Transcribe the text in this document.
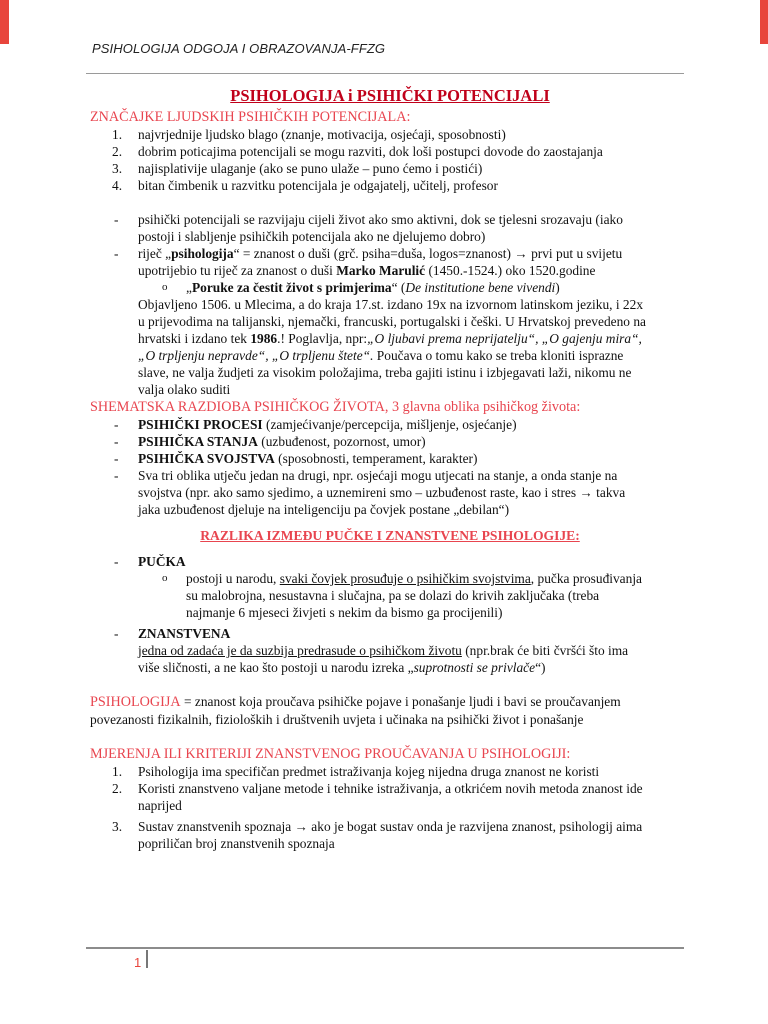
PSIHOLOGIJA ODGOJA I OBRAZOVANJA-FFZG
PSIHOLOGIJA i PSIHIČKI POTENCIJALI
ZNAČAJKE LJUDSKIH PSIHIČKIH POTENCIJALA:
1. najvrjednije ljudsko blago (znanje, motivacija, osjećaji, sposobnosti)
2. dobrim poticajima potencijali se mogu razviti, dok loši postupci dovode do zaostajanja
3. najisplativije ulaganje (ako se puno ulaže – puno ćemo i postići)
4. bitan čimbenik u razvitku potencijala je odgajatelj, učitelj, profesor
- psihički potencijali se razvijaju cijeli život ako smo aktivni, dok se tjelesni srozavaju (iako
postoji i slabljenje psihičkih potencijala ako ne djelujemo dobro)
- riječ „psihologija“ = znanost o duši (grč. psiha=duša, logos=znanost) → prvi put u svijetu
upotrijebio tu riječ za znanost o duši Marko Marulić (1450.-1524.) oko 1520.godine
o „Poruke za čestit život s primjerima“ (De institutione bene vivendi)
Objavljeno 1506. u Mlecima, a do kraja 17.st. izdano 19x na izvornom latinskom jeziku, i 22x
u prijevodima na talijanski, njemački, francuski, portugalski i češki. U Hrvatskoj prevedeno na
hrvatski i izdano tek 1986.! Poglavlja, npr:„O ljubavi prema neprijatelju“, „O gajenju mira“,
„O trpljenju nepravde“, „O trpljenu štete“. Poučava o tomu kako se treba kloniti isprazne
slave, ne valja žudjeti za visokim položajima, treba gajiti istinu i izbjegavati laži, nikomu ne
valja olako suditi
SHEMATSKA RAZDIOBA PSIHIČKOG ŽIVOTA, 3 glavna oblika psihičkog života:
- PSIHIČKI PROCESI (zamjećivanje/percepcija, mišljenje, osjećanje)
- PSIHIČKA STANJA (uzbuđenost, pozornost, umor)
- PSIHIČKA SVOJSTVA (sposobnosti, temperament, karakter)
- Sva tri oblika utječu jedan na drugi, npr. osjećaji mogu utjecati na stanje, a onda stanje na
svojstva (npr. ako samo sjedimo, a uznemireni smo – uzbuđenost raste, kao i stres → takva
jaka uzbuđenost djeluje na inteligenciju pa čovjek postane „debilan“)
RAZLIKA IZMEĐU PUČKE I ZNANSTVENE PSIHOLOGIJE:
- PUČKA
o postoji u narodu, svaki čovjek prosuđuje o psihičkim svojstvima, pučka prosuđivanja
su malobrojna, nesustavna i slučajna, pa se dolazi do krivih zaključaka (treba
najmanje 6 mjeseci živjeti s nekim da bismo ga procijenili)
- ZNANSTVENA
jedna od zadaća je da suzbija predrasude o psihičkom životu (npr.brak će biti čvršći što ima
više sličnosti, a ne kao što postoji u narodu izreka „suprotnosti se privlače“)
PSIHOLOGIJA = znanost koja proučava psihičke pojave i ponašanje ljudi i bavi se proučavanjem
povezanosti fizikalnih, fizioloških i društvenih uvjeta i učinaka na psihički život i ponašanje
MJERENJA ILI KRITERIJI ZNANSTVENOG PROUČAVANJA U PSIHOLOGIJI:
1. Psihologija ima specifičan predmet istraživanja kojeg nijedna druga znanost ne koristi
2. Koristi znanstveno valjane metode i tehnike istraživanja, a otkrićem novih metoda znanost ide
naprijed
3. Sustav znanstvenih spoznaja → ako je bogat sustav onda je razvijena znanost, psihologij aima
popriličan broj znanstvenih spoznaja
1
